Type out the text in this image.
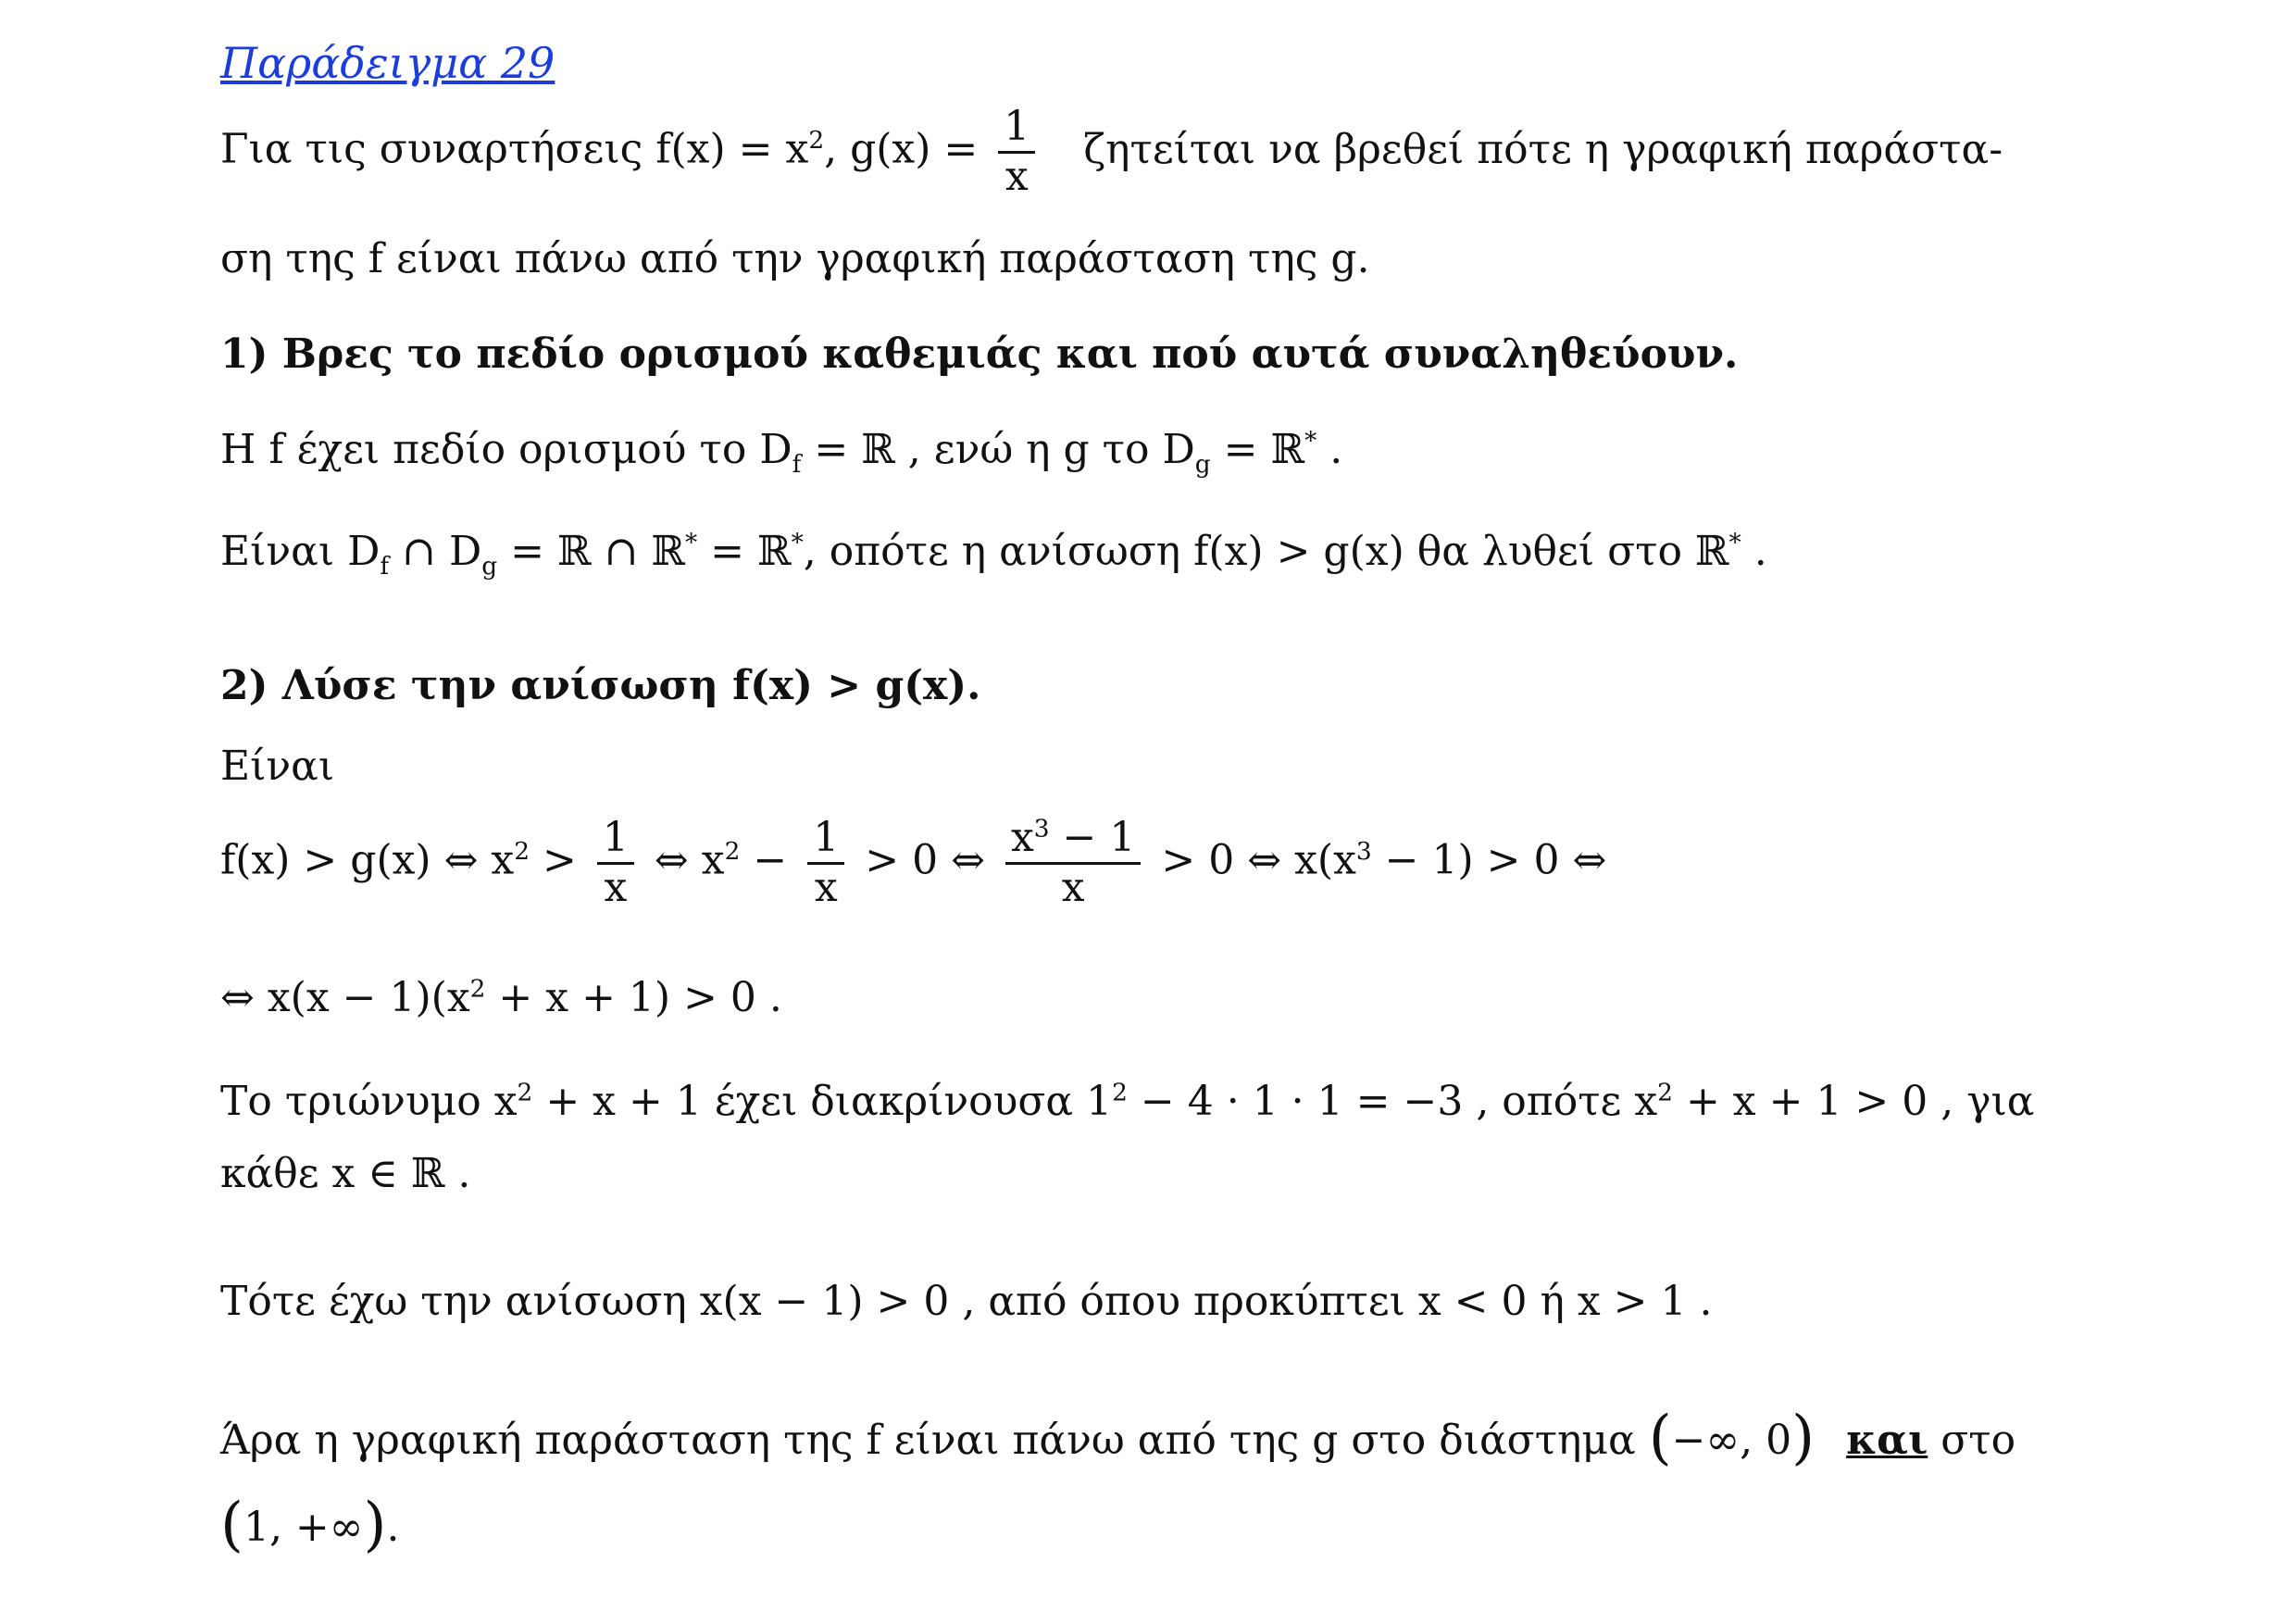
Παράδειγμα 29
Για τις συναρτήσεις $f(x) = x^2$, $g(x) = \frac{1}{x}$ ζητείται να βρεθεί πότε η γραφική παράστα-
ση της f είναι πάνω από την γραφική παράσταση της g.
1) Βρες το πεδίο ορισμού καθεμιάς και πού αυτά συναληθεύουν.
Η f έχει πεδίο ορισμού το $D_f$ = ℝ , ενώ η g το $D_g$ = ℝ* .
Είναι $D_f$ ∩ $D_g$ = ℝ ∩ ℝ* = ℝ*, οπότε η ανίσωση f(x) > g(x) θα λυθεί στο ℝ* .
2) Λύσε την ανίσωση f(x) > g(x).
Είναι
f(x) > g(x) ⇔ $x^2 > \frac{1}{x}$ ⇔ $x^2 - \frac{1}{x} > 0$ ⇔ $\frac{x^3 - 1}{x} > 0$ ⇔ $x(x^3 - 1) > 0$ ⇔
⇔ $x(x - 1)(x^2 + x + 1) > 0$ .
Το τριώνυμο $x^2 + x + 1$ έχει διακρίνουσα $1^2 - 4 \cdot 1 \cdot 1 = -3$ , οπότε $x^2 + x + 1 > 0$ , για
κάθε x ∈ ℝ .
Τότε έχω την ανίσωση x(x − 1) > 0 , από όπου προκύπτει x < 0 ή x > 1 .
Άρα η γραφική παράσταση της f είναι πάνω από της g στο διάστημα (−∞, 0) και στο
(1, +∞).
